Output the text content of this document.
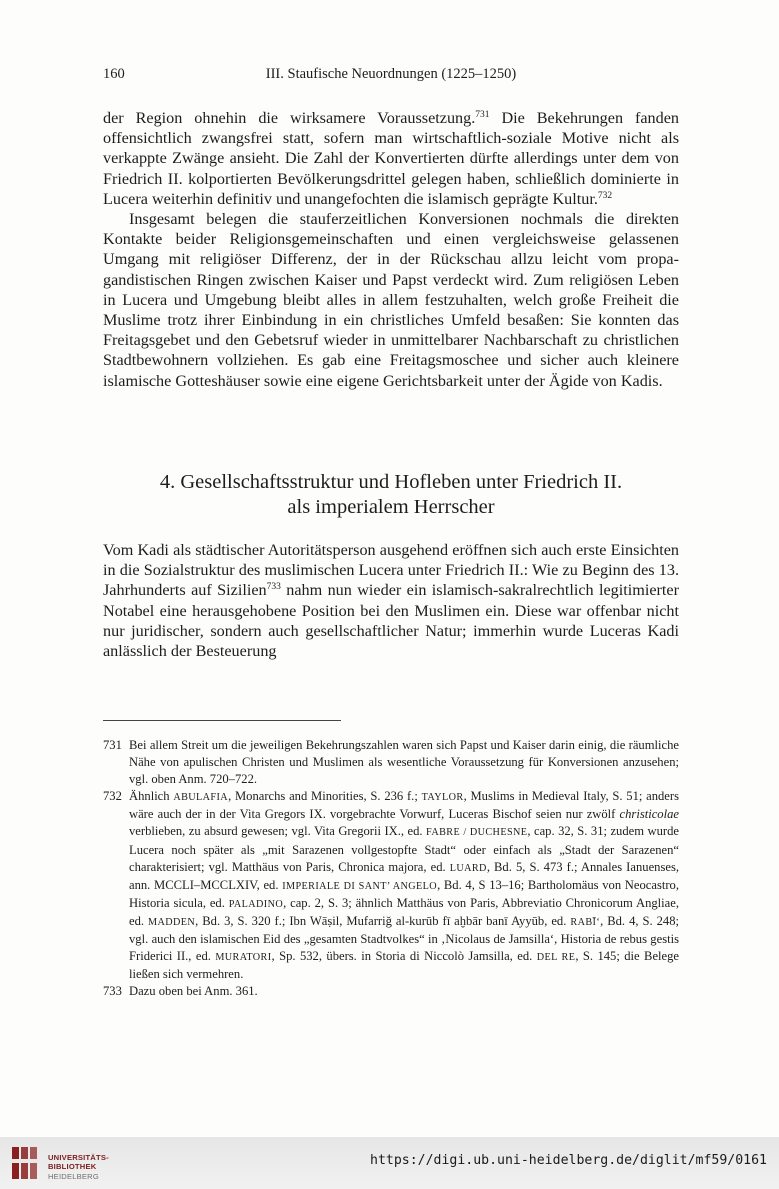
160	III. Staufische Neuordnungen (1225–1250)

der Region ohnehin die wirksamere Voraussetzung.$^{731}$ Die Bekehrungen fanden offensichtlich zwangsfrei statt, sofern man wirtschaftlich-soziale Motive nicht als verkappte Zwänge ansieht. Die Zahl der Konvertierten dürfte allerdings unter dem von Friedrich II. kolportierten Bevölkerungsdrittel gelegen haben, schließlich dominierte in Lucera weiterhin definitiv und unangefochten die islamisch geprägte Kultur.$^{732}$

Insgesamt belegen die stauferzeitlichen Konversionen nochmals die direkten Kontakte beider Religionsgemeinschaften und einen vergleichsweise gelassenen Umgang mit religiöser Differenz, der in der Rückschau allzu leicht vom propagandistischen Ringen zwischen Kaiser und Papst verdeckt wird. Zum religiösen Leben in Lucera und Umgebung bleibt alles in allem festzuhalten, welch große Freiheit die Muslime trotz ihrer Einbindung in ein christliches Umfeld besaßen: Sie konnten das Freitagsgebet und den Gebetsruf wieder in unmittelbarer Nachbarschaft zu christlichen Stadtbewohnern vollziehen. Es gab eine Freitagsmoschee und sicher auch kleinere islamische Gotteshäuser sowie eine eigene Gerichtsbarkeit unter der Ägide von Kadis.

4. Gesellschaftsstruktur und Hofleben unter Friedrich II.
als imperialem Herrscher

Vom Kadi als städtischer Autoritätsperson ausgehend eröffnen sich auch erste Einsichten in die Sozialstruktur des muslimischen Lucera unter Friedrich II.: Wie zu Beginn des 13. Jahrhunderts auf Sizilien$^{733}$ nahm nun wieder ein islamisch-sakralrechtlich legitimierter Notabel eine herausgehobene Position bei den Muslimen ein. Diese war offenbar nicht nur juridischer, sondern auch gesellschaftlicher Natur; immerhin wurde Luceras Kadi anlässlich der Besteuerung

731 Bei allem Streit um die jeweiligen Bekehrungszahlen waren sich Papst und Kaiser darin einig, die räumliche Nähe von apulischen Christen und Muslimen als wesentliche Voraussetzung für Konversionen anzusehen; vgl. oben Anm. 720–722.

732 Ähnlich ABULAFIA, Monarchs and Minorities, S. 236 f.; TAYLOR, Muslims in Medieval Italy, S. 51; anders wäre auch der in der Vita Gregors IX. vorgebrachte Vorwurf, Luceras Bischof seien nur zwölf christicolae verblieben, zu absurd gewesen; vgl. Vita Gregorii IX., ed. FABRE / DUCHESNE, cap. 32, S. 31; zudem wurde Lucera noch später als „mit Sarazenen vollgestopfte Stadt“ oder einfach als „Stadt der Sarazenen“ charakterisiert; vgl. Matthäus von Paris, Chronica majora, ed. LUARD, Bd. 5, S. 473 f.; Annales Ianuenses, ann. MCCLI–MCCLXIV, ed. IMPERIALE DI SANT’ ANGELO, Bd. 4, S 13–16; Bartholomäus von Neocastro, Historia sicula, ed. PALADINO, cap. 2, S. 3; ähnlich Matthäus von Paris, Abbreviatio Chronicorum Angliae, ed. MADDEN, Bd. 3, S. 320 f.; Ibn Wāṣil, Mufarriǧ al-kurūb fī aḫbār banī Ayyūb, ed. RABĪ‘, Bd. 4, S. 248; vgl. auch den islamischen Eid des „gesamten Stadtvolkes“ in ‚Nicolaus de Jamsilla‘, Historia de rebus gestis Friderici II., ed. MURATORI, Sp. 532, übers. in Storia di Niccolò Jamsilla, ed. DEL RE, S. 145; die Belege ließen sich vermehren.

733 Dazu oben bei Anm. 361.

UNIVERSITÄTS-
BIBLIOTHEK
HEIDELBERG
https://digi.ub.uni-heidelberg.de/diglit/mf59/0161
